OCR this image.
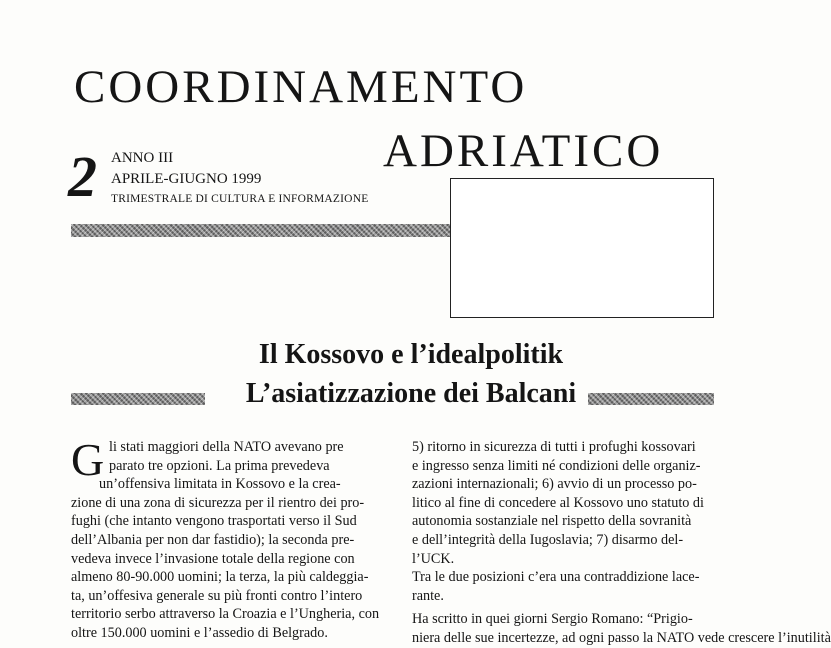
COORDINAMENTO
ADRIATICO
2 ANNO III
APRILE-GIUGNO 1999
TRIMESTRALE DI CULTURA E INFORMAZIONE
Il Kossovo e l’idealpolitik
L’asiatizzazione dei Balcani
G li stati maggiori della NATO avevano pre
parato tre opzioni. La prima prevedeva
un’offensiva limitata in Kossovo e la crea-
zione di una zona di sicurezza per il rientro dei pro-
fughi (che intanto vengono trasportati verso il Sud
dell’Albania per non dar fastidio); la seconda pre-
vedeva invece l’invasione totale della regione con
almeno 80-90.000 uomini; la terza, la più caldeggia-
ta, un’offesiva generale su più fronti contro l’intero
territorio serbo attraverso la Croazia e l’Ungheria, con
oltre 150.000 uomini e l’assedio di Belgrado.
5) ritorno in sicurezza di tutti i profughi kossovari
e ingresso senza limiti né condizioni delle organiz-
zazioni internazionali; 6) avvio di un processo po-
litico al fine di concedere al Kossovo uno statuto di
autonomia sostanziale nel rispetto della sovranità
e dell’integrità della Iugoslavia; 7) disarmo del-
l’UCK.
Tra le due posizioni c’era una contraddizione lace-
rante.
Ha scritto in quei giorni Sergio Romano: “Prigio-
niera delle sue incertezze, ad ogni passo la NATO vede crescere l’inutilità
